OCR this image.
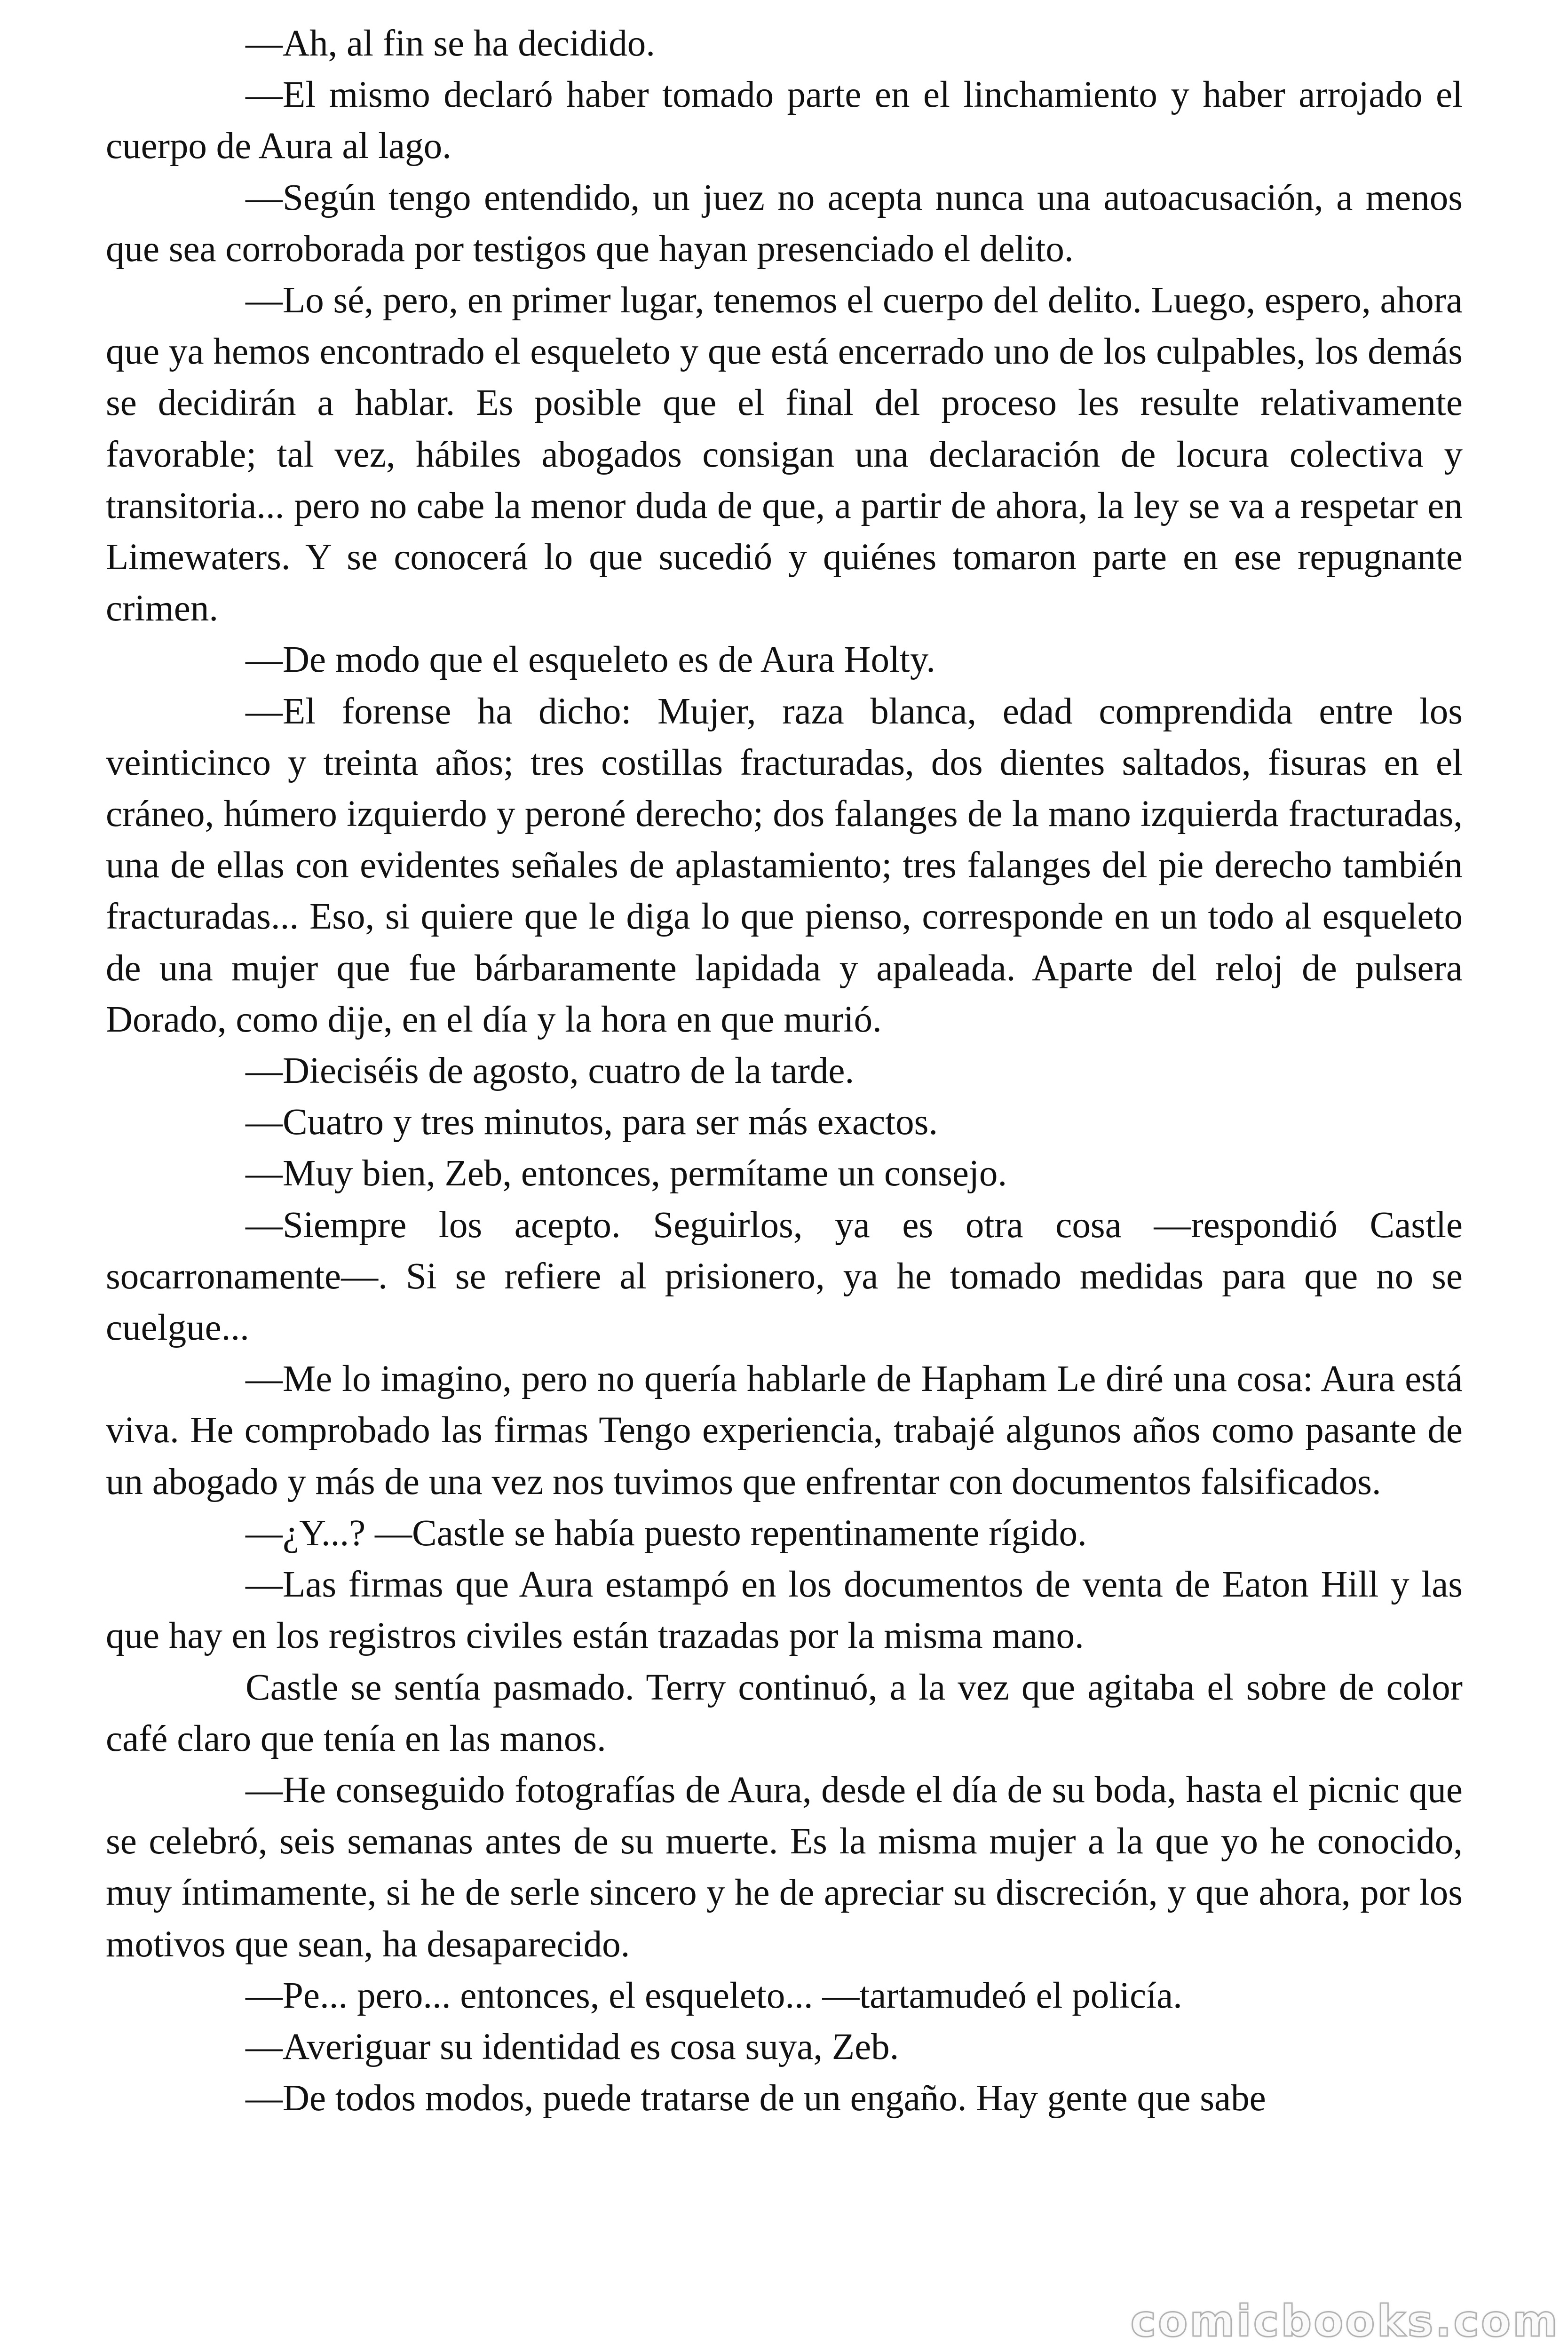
—Ah, al fin se ha decidido.

—El mismo declaró haber tomado parte en el linchamiento y haber arrojado el cuerpo de Aura al lago.

—Según tengo entendido, un juez no acepta nunca una autoacusación, a menos que sea corroborada por testigos que hayan presenciado el delito.

—Lo sé, pero, en primer lugar, tenemos el cuerpo del delito. Luego, espero, ahora que ya hemos encontrado el esqueleto y que está encerrado uno de los culpables, los demás se decidirán a hablar. Es posible que el final del proceso les resulte relativamente favorable; tal vez, hábiles abogados consigan una declaración de locura colectiva y transitoria... pero no cabe la menor duda de que, a partir de ahora, la ley se va a respetar en Limewaters. Y se conocerá lo que sucedió y quiénes tomaron parte en ese repugnante crimen.

—De modo que el esqueleto es de Aura Holty.

—El forense ha dicho: Mujer, raza blanca, edad comprendida entre los veinticinco y treinta años; tres costillas fracturadas, dos dientes saltados, fisuras en el cráneo, húmero izquierdo y peroné derecho; dos falanges de la mano izquierda fracturadas, una de ellas con evidentes señales de aplastamiento; tres falanges del pie derecho también fracturadas... Eso, si quiere que le diga lo que pienso, corresponde en un todo al esqueleto de una mujer que fue bárbaramente lapidada y apaleada. Aparte del reloj de pulsera Dorado, como dije, en el día y la hora en que murió.

—Dieciséis de agosto, cuatro de la tarde.

—Cuatro y tres minutos, para ser más exactos.

—Muy bien, Zeb, entonces, permítame un consejo.

—Siempre los acepto. Seguirlos, ya es otra cosa —respondió Castle socarronamente—. Si se refiere al prisionero, ya he tomado medidas para que no se cuelgue...

—Me lo imagino, pero no quería hablarle de Hapham Le diré una cosa: Aura está viva. He comprobado las firmas Tengo experiencia, trabajé algunos años como pasante de un abogado y más de una vez nos tuvimos que enfrentar con documentos falsificados.

—¿Y...? —Castle se había puesto repentinamente rígido.

—Las firmas que Aura estampó en los documentos de venta de Eaton Hill y las que hay en los registros civiles están trazadas por la misma mano.

Castle se sentía pasmado. Terry continuó, a la vez que agitaba el sobre de color café claro que tenía en las manos.

—He conseguido fotografías de Aura, desde el día de su boda, hasta el picnic que se celebró, seis semanas antes de su muerte. Es la misma mujer a la que yo he conocido, muy íntimamente, si he de serle sincero y he de apreciar su discreción, y que ahora, por los motivos que sean, ha desaparecido.

—Pe... pero... entonces, el esqueleto... —tartamudeó el policía.

—Averiguar su identidad es cosa suya, Zeb.

—De todos modos, puede tratarse de un engaño. Hay gente que sabe

comicbooks.com
